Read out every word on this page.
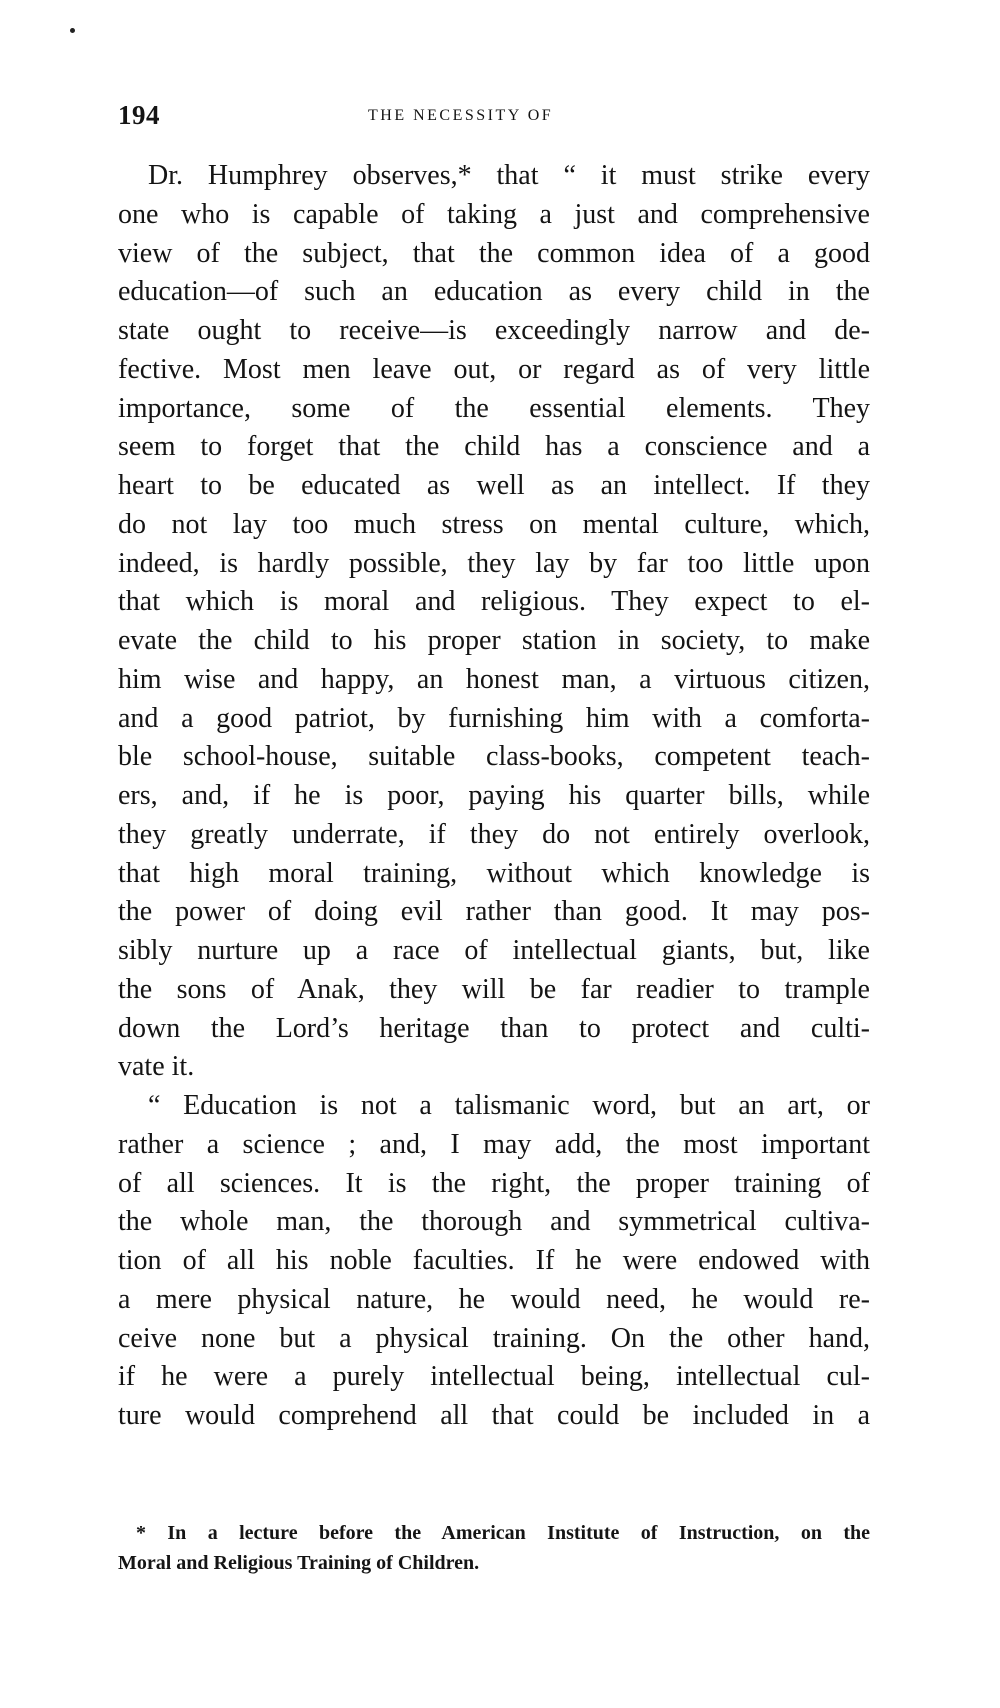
194	THE NECESSITY OF
Dr. Humphrey observes,* that “ it must strike every
one who is capable of taking a just and comprehensive
view of the subject, that the common idea of a good
education—of such an education as every child in the
state ought to receive—is exceedingly narrow and de-
fective. Most men leave out, or regard as of very little
importance, some of the essential elements. They
seem to forget that the child has a conscience and a
heart to be educated as well as an intellect. If they
do not lay too much stress on mental culture, which,
indeed, is hardly possible, they lay by far too little upon
that which is moral and religious. They expect to el-
evate the child to his proper station in society, to make
him wise and happy, an honest man, a virtuous citizen,
and a good patriot, by furnishing him with a comforta-
ble school-house, suitable class-books, competent teach-
ers, and, if he is poor, paying his quarter bills, while
they greatly underrate, if they do not entirely overlook,
that high moral training, without which knowledge is
the power of doing evil rather than good. It may pos-
sibly nurture up a race of intellectual giants, but, like
the sons of Anak, they will be far readier to trample
down the Lord’s heritage than to protect and culti-
vate it.
“ Education is not a talismanic word, but an art, or
rather a science ; and, I may add, the most important
of all sciences. It is the right, the proper training of
the whole man, the thorough and symmetrical cultiva-
tion of all his noble faculties. If he were endowed with
a mere physical nature, he would need, he would re-
ceive none but a physical training. On the other hand,
if he were a purely intellectual being, intellectual cul-
ture would comprehend all that could be included in a
* In a lecture before the American Institute of Instruction, on the
Moral and Religious Training of Children.
